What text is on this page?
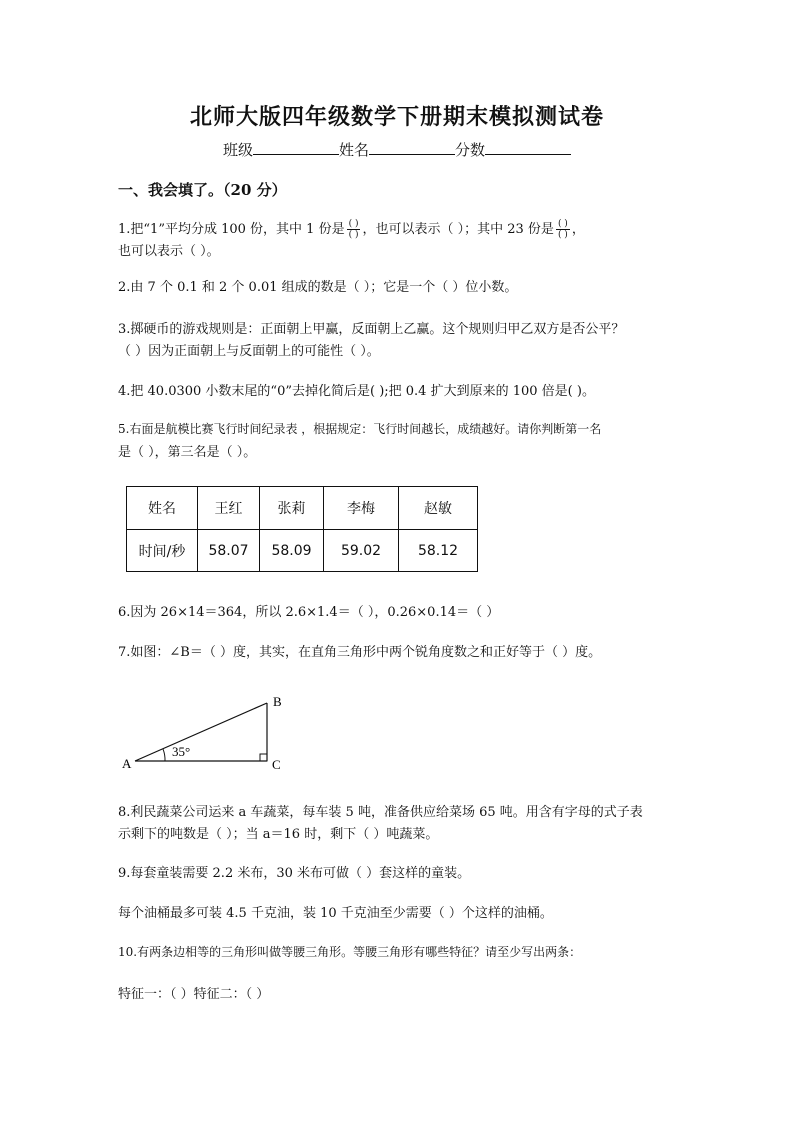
北师大版四年级数学下册期末模拟测试卷
班级	姓名	分数
一、我会填了。（20 分）
1.把“1”平均分成 100 份，其中 1 份是 $\frac{( )}{( )}$ ，也可以表示（ ）；其中 23 份是 $\frac{( )}{( )}$ ，
也可以表示（ ）。
2.由 7 个 0.1 和 2 个 0.01 组成的数是（ ）；它是一个（ ）位小数。
3.掷硬币的游戏规则是：正面朝上甲赢，反面朝上乙赢。这个规则归甲乙双方是否公平？
（ ）因为正面朝上与反面朝上的可能性（ ）。
4.把 40.0300 小数末尾的“0”去掉化简后是( );把 0.4 扩大到原来的 100 倍是( )。
5.右面是航模比赛飞行时间纪录表 ，根据规定：飞行时间越长，成绩越好。请你判断第一名
是（ ），第三名是（ ）。
姓名	王红	张莉	李梅	赵敏
时间/秒	58.07	58.09	59.02	58.12
6.因为 26×14＝364，所以 2.6×1.4＝（ ），0.26×0.14＝（ ）
7.如图：∠B＝（ ）度，其实，在直角三角形中两个锐角度数之和正好等于（ ）度。
A
B
C
35°
8.利民蔬菜公司运来 a 车蔬菜，每车装 5 吨，准备供应给菜场 65 吨。用含有字母的式子表
示剩下的吨数是（ ）；当 a＝16 时，剩下（ ）吨蔬菜。
9.每套童装需要 2.2 米布，30 米布可做（ ）套这样的童装。
每个油桶最多可装 4.5 千克油，装 10 千克油至少需要（ ）个这样的油桶。
10.有两条边相等的三角形叫做等腰三角形。等腰三角形有哪些特征？请至少写出两条：
特征一：（ ）特征二：（ ）
